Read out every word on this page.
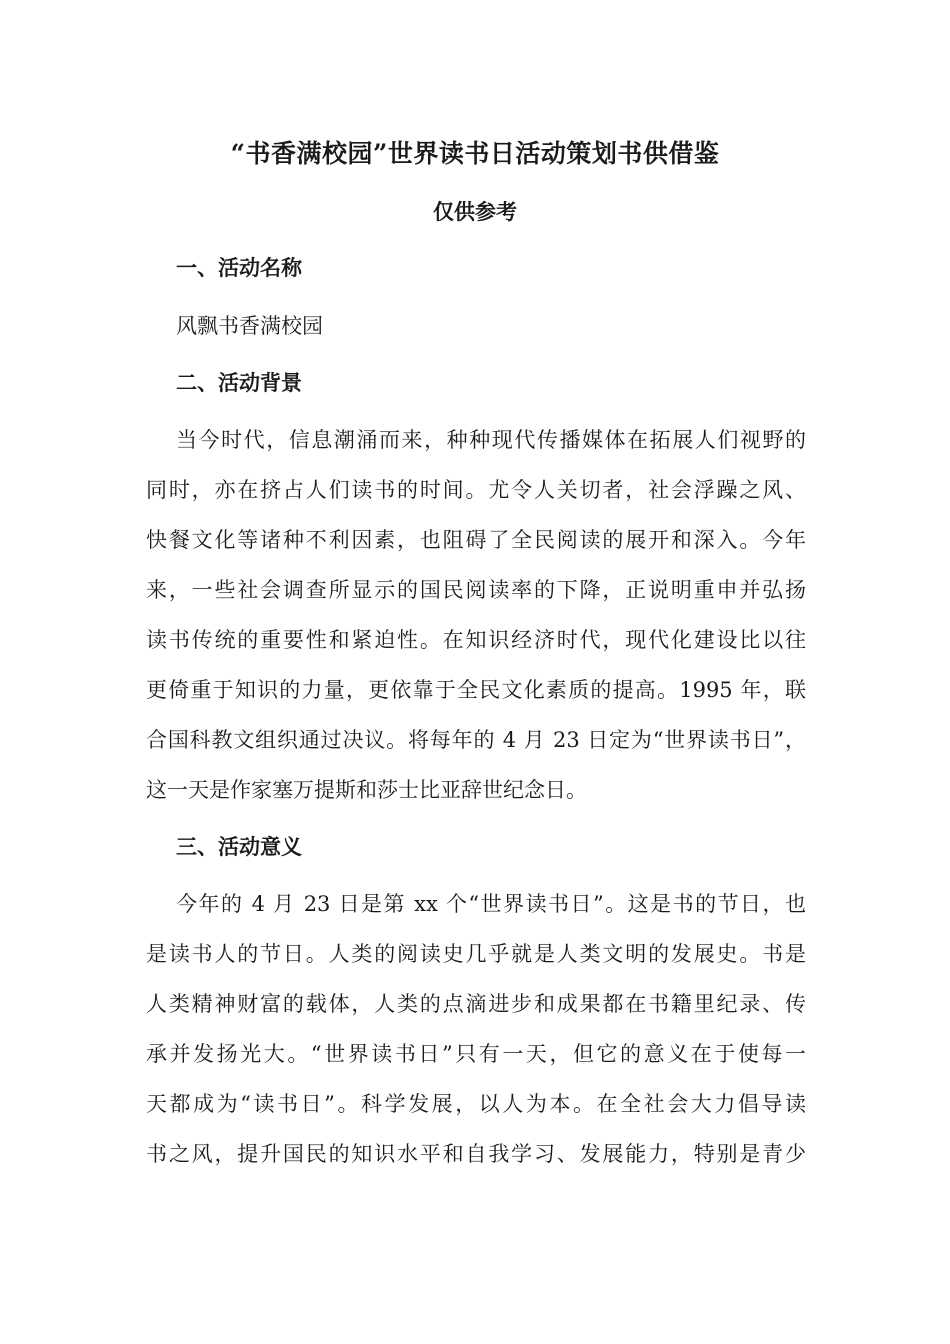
“书香满校园”世界读书日活动策划书供借鉴
仅供参考

一、活动名称

风飘书香满校园

二、活动背景

当今时代，信息潮涌而来，种种现代传播媒体在拓展人们视野的

同时，亦在挤占人们读书的时间。尤令人关切者，社会浮躁之风、

快餐文化等诸种不利因素，也阻碍了全民阅读的展开和深入。今年

来，一些社会调查所显示的国民阅读率的下降，正说明重申并弘扬

读书传统的重要性和紧迫性。在知识经济时代，现代化建设比以往

更倚重于知识的力量，更依靠于全民文化素质的提高。1995 年，联

合国科教文组织通过决议。将每年的 4 月 23 日定为“世界读书日”，

这一天是作家塞万提斯和莎士比亚辞世纪念日。

三、活动意义

今年的 4 月 23 日是第 xx 个“世界读书日”。这是书的节日，也

是读书人的节日。人类的阅读史几乎就是人类文明的发展史。书是

人类精神财富的载体，人类的点滴进步和成果都在书籍里纪录、传

承并发扬光大。“世界读书日”只有一天，但它的意义在于使每一

天都成为“读书日”。科学发展，以人为本。在全社会大力倡导读

书之风，提升国民的知识水平和自我学习、发展能力，特别是青少
